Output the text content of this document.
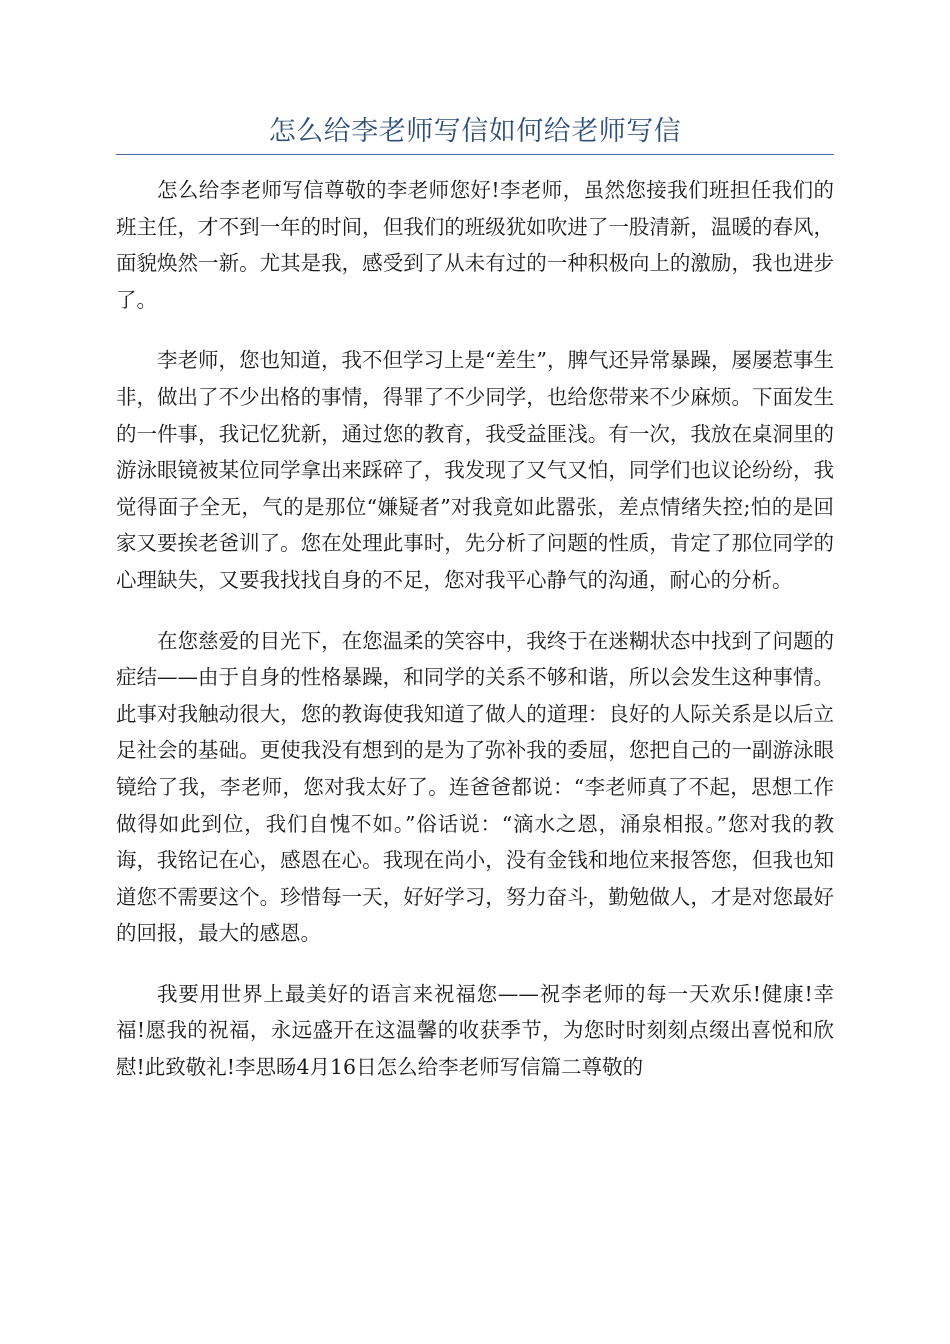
怎么给李老师写信如何给老师写信

怎么给李老师写信尊敬的李老师您好!李老师，虽然您接我们班担任我们的班主任，才不到一年的时间，但我们的班级犹如吹进了一股清新，温暖的春风，面貌焕然一新。尤其是我，感受到了从未有过的一种积极向上的激励，我也进步了。

李老师，您也知道，我不但学习上是“差生”，脾气还异常暴躁，屡屡惹事生非，做出了不少出格的事情，得罪了不少同学，也给您带来不少麻烦。下面发生的一件事，我记忆犹新，通过您的教育，我受益匪浅。有一次，我放在桌洞里的游泳眼镜被某位同学拿出来踩碎了，我发现了又气又怕，同学们也议论纷纷，我觉得面子全无，气的是那位“嫌疑者”对我竟如此嚣张，差点情绪失控;怕的是回家又要挨老爸训了。您在处理此事时，先分析了问题的性质，肯定了那位同学的心理缺失，又要我找找自身的不足，您对我平心静气的沟通，耐心的分析。

在您慈爱的目光下，在您温柔的笑容中，我终于在迷糊状态中找到了问题的症结——由于自身的性格暴躁，和同学的关系不够和谐，所以会发生这种事情。此事对我触动很大，您的教诲使我知道了做人的道理：良好的人际关系是以后立足社会的基础。更使我没有想到的是为了弥补我的委屈，您把自己的一副游泳眼镜给了我，李老师，您对我太好了。连爸爸都说：“李老师真了不起，思想工作做得如此到位，我们自愧不如。”俗话说：“滴水之恩，涌泉相报。”您对我的教诲，我铭记在心，感恩在心。我现在尚小，没有金钱和地位来报答您，但我也知道您不需要这个。珍惜每一天，好好学习，努力奋斗，勤勉做人，才是对您最好的回报，最大的感恩。

我要用世界上最美好的语言来祝福您——祝李老师的每一天欢乐!健康!幸福!愿我的祝福，永远盛开在这温馨的收获季节，为您时时刻刻点缀出喜悦和欣慰!此致敬礼!李思旸4月16日怎么给李老师写信篇二尊敬的
